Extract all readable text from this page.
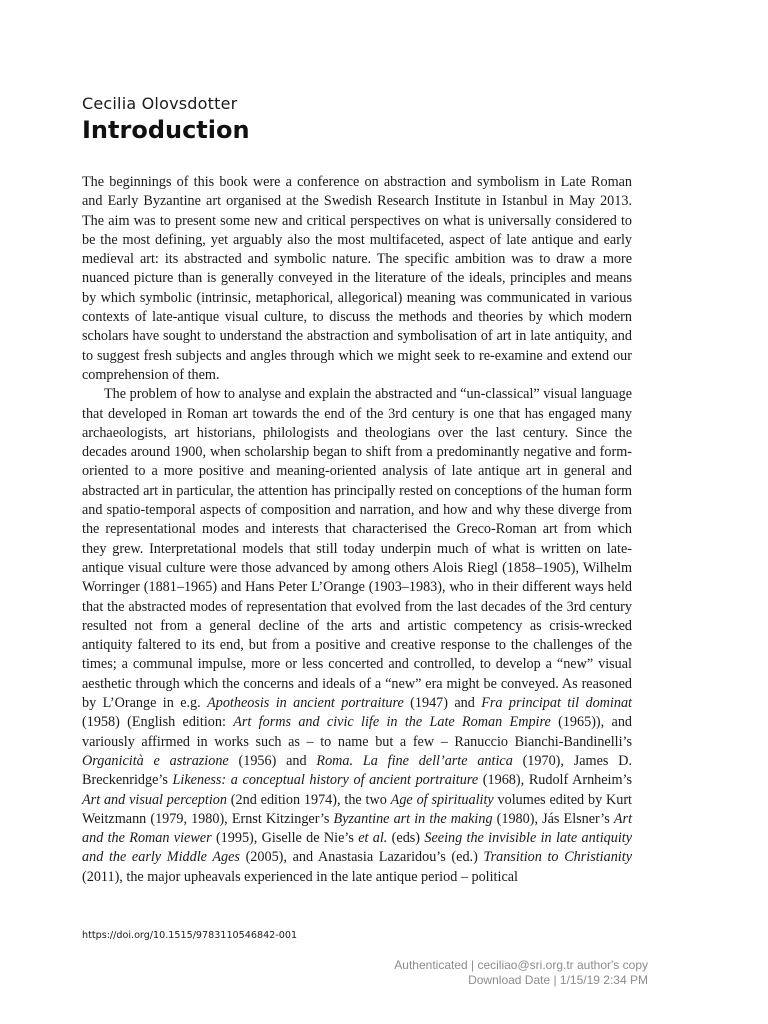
Cecilia Olovsdotter
Introduction

The beginnings of this book were a conference on abstraction and symbolism in Late Roman and Early Byzantine art organised at the Swedish Research Institute in Istanbul in May 2013. The aim was to present some new and critical perspectives on what is universally considered to be the most defining, yet arguably also the most multifaceted, aspect of late antique and early medieval art: its abstracted and symbolic nature. The specific ambition was to draw a more nuanced picture than is generally conveyed in the literature of the ideals, principles and means by which symbolic (intrinsic, metaphorical, allegorical) meaning was communicated in various contexts of late-antique visual culture, to discuss the methods and theories by which modern scholars have sought to understand the abstraction and symbolisation of art in late antiquity, and to suggest fresh subjects and angles through which we might seek to re-examine and extend our comprehension of them.

The problem of how to analyse and explain the abstracted and “un-classical” visual language that developed in Roman art towards the end of the 3rd century is one that has engaged many archaeologists, art historians, philologists and theologians over the last century. Since the decades around 1900, when scholarship began to shift from a predominantly negative and form-oriented to a more positive and meaning-oriented analysis of late antique art in general and abstracted art in particular, the attention has principally rested on conceptions of the human form and spatio-temporal aspects of composition and narration, and how and why these diverge from the representational modes and interests that characterised the Greco-Roman art from which they grew. Interpretational models that still today underpin much of what is written on late-antique visual culture were those advanced by among others Alois Riegl (1858–1905), Wilhelm Worringer (1881–1965) and Hans Peter L’Orange (1903–1983), who in their different ways held that the abstracted modes of representation that evolved from the last decades of the 3rd century resulted not from a general decline of the arts and artistic competency as crisis-wrecked antiquity faltered to its end, but from a positive and creative response to the challenges of the times; a communal impulse, more or less concerted and controlled, to develop a “new” visual aesthetic through which the concerns and ideals of a “new” era might be conveyed. As reasoned by L’Orange in e.g. Apotheosis in ancient portraiture (1947) and Fra principat til dominat (1958) (English edition: Art forms and civic life in the Late Roman Empire (1965)), and variously affirmed in works such as – to name but a few – Ranuccio Bianchi-Bandinelli’s Organicità e astrazione (1956) and Roma. La fine dell’arte antica (1970), James D. Breckenridge’s Likeness: a conceptual history of ancient portraiture (1968), Rudolf Arnheim’s Art and visual perception (2nd edition 1974), the two Age of spirituality volumes edited by Kurt Weitzmann (1979, 1980), Ernst Kitzinger’s Byzantine art in the making (1980), Jás Elsner’s Art and the Roman viewer (1995), Giselle de Nie’s et al. (eds) Seeing the invisible in late antiquity and the early Middle Ages (2005), and Anastasia Lazaridou’s (ed.) Transition to Christianity (2011), the major upheavals experienced in the late antique period – political

https://doi.org/10.1515/9783110546842-001
Authenticated | ceciliao@sri.org.tr author's copy
Download Date | 1/15/19 2:34 PM
